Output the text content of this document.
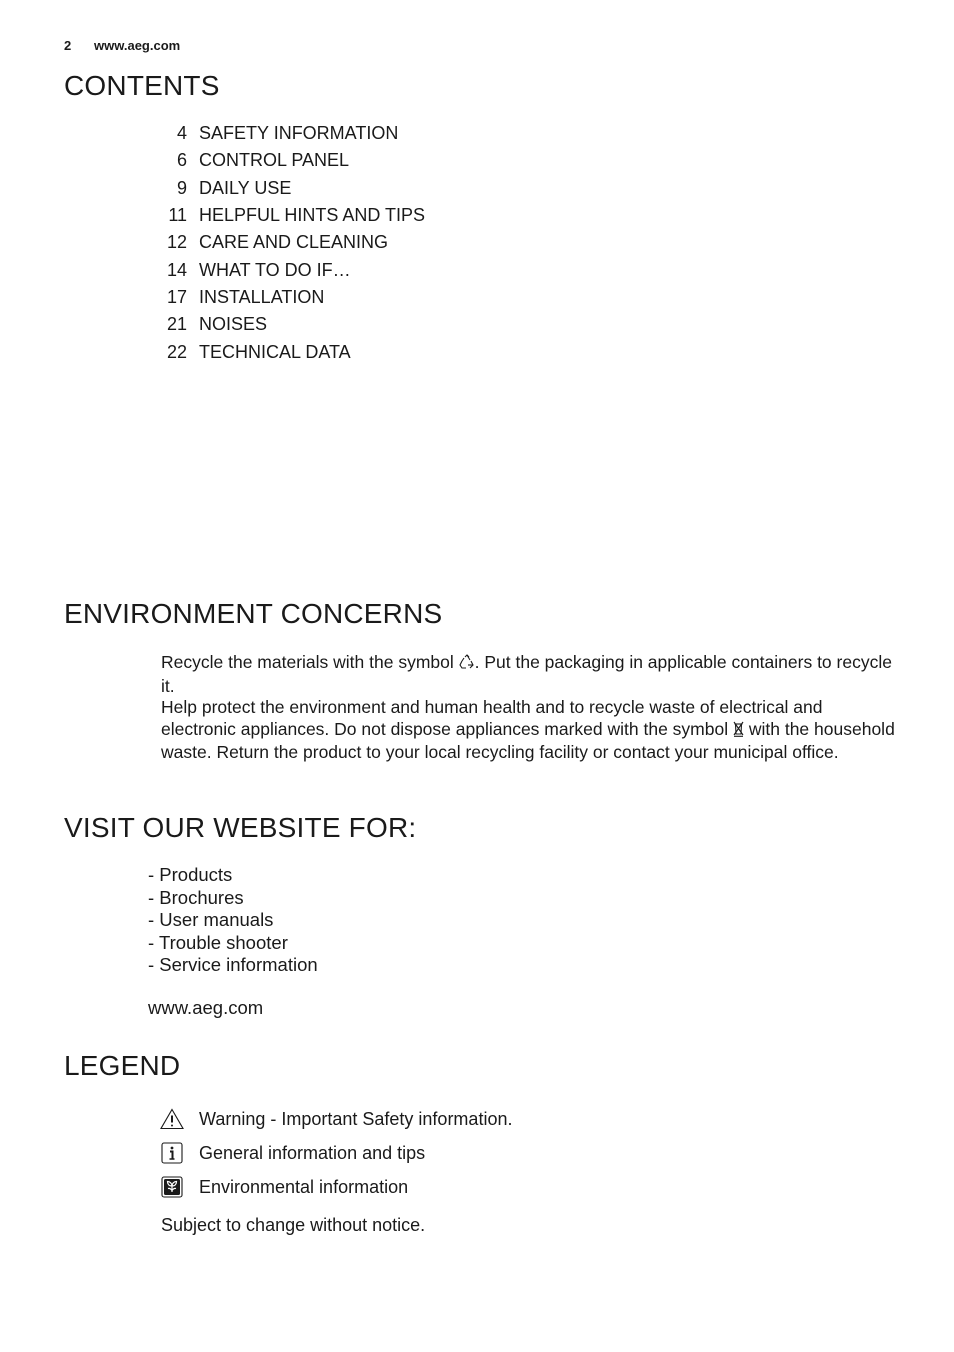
2 www.aeg.com
CONTENTS
4 SAFETY INFORMATION
6 CONTROL PANEL
9 DAILY USE
11 HELPFUL HINTS AND TIPS
12 CARE AND CLEANING
14 WHAT TO DO IF…
17 INSTALLATION
21 NOISES
22 TECHNICAL DATA
ENVIRONMENT CONCERNS

Recycle the materials with the symbol . Put the packaging in applicable containers to recycle it.

Help protect the environment and human health and to recycle waste of electrical and electronic appliances. Do not dispose appliances marked with the symbol with the household waste. Return the product to your local recycling facility or contact your municipal office.

VISIT OUR WEBSITE FOR:
- Products
- Brochures
- User manuals
- Trouble shooter
- Service information
www.aeg.com
LEGEND
Warning - Important Safety information.
General information and tips
Environmental information
Subject to change without notice.
